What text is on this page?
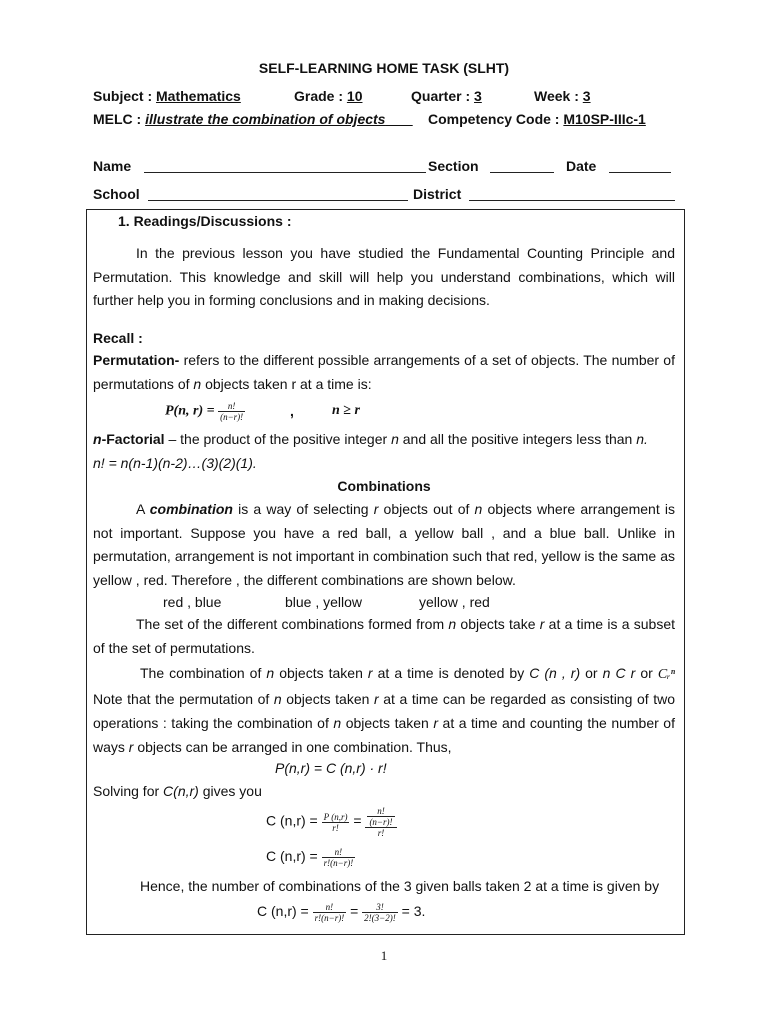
SELF-LEARNING HOME TASK (SLHT)
Subject : Mathematics	Grade : 10	Quarter : 3	Week : 3
MELC : illustrate the combination of objects	Competency Code : M10SP-IIIc-1
Name	Section	Date
School	District
1. Readings/Discussions :
In the previous lesson you have studied the Fundamental Counting Principle and Permutation. This knowledge and skill will help you understand combinations, which will further help you in forming conclusions and in making decisions.
Recall :
Permutation- refers to the different possible arrangements of a set of objects. The number of permutations of n objects taken r at a time is:
P(n, $r) = \frac{n!}{(n-r)!}$	,	n ≥ r
n-Factorial – the product of the positive integer n and all the positive integers less than n.
n! = n(n-1)(n-2)…(3)(2)(1).
Combinations
A combination is a way of selecting r objects out of n objects where arrangement is not important. Suppose you have a red ball, a yellow ball , and a blue ball. Unlike in permutation, arrangement is not important in combination such that red, yellow is the same as yellow , red. Therefore , the different combinations are shown below.
red , blue	blue , yellow	yellow , red
The set of the different combinations formed from n objects take r at a time is a subset of the set of permutations.
The combination of n objects taken r at a time is denoted by C (n , r) or n C r or Cᵣⁿ Note that the permutation of n objects taken r at a time can be regarded as consisting of two operations : taking the combination of n objects taken r at a time and counting the number of ways r objects can be arranged in one combination. Thus,
P(n,r) = C (n,r) · r!
Solving for C(n,r) gives you
C $(n,r) = \frac{P (n,r)}{r!} = \frac{\frac{n!}{(n-r)!}}{r!}$
C $(n,r) = \frac{n!}{r!(n-r)!}$
Hence, the number of combinations of the 3 given balls taken 2 at a time is given by
C $(n,r) = \frac{n!}{r!(n-r)!} = \frac{3!}{2!(3-2)!} = 3$.
1
